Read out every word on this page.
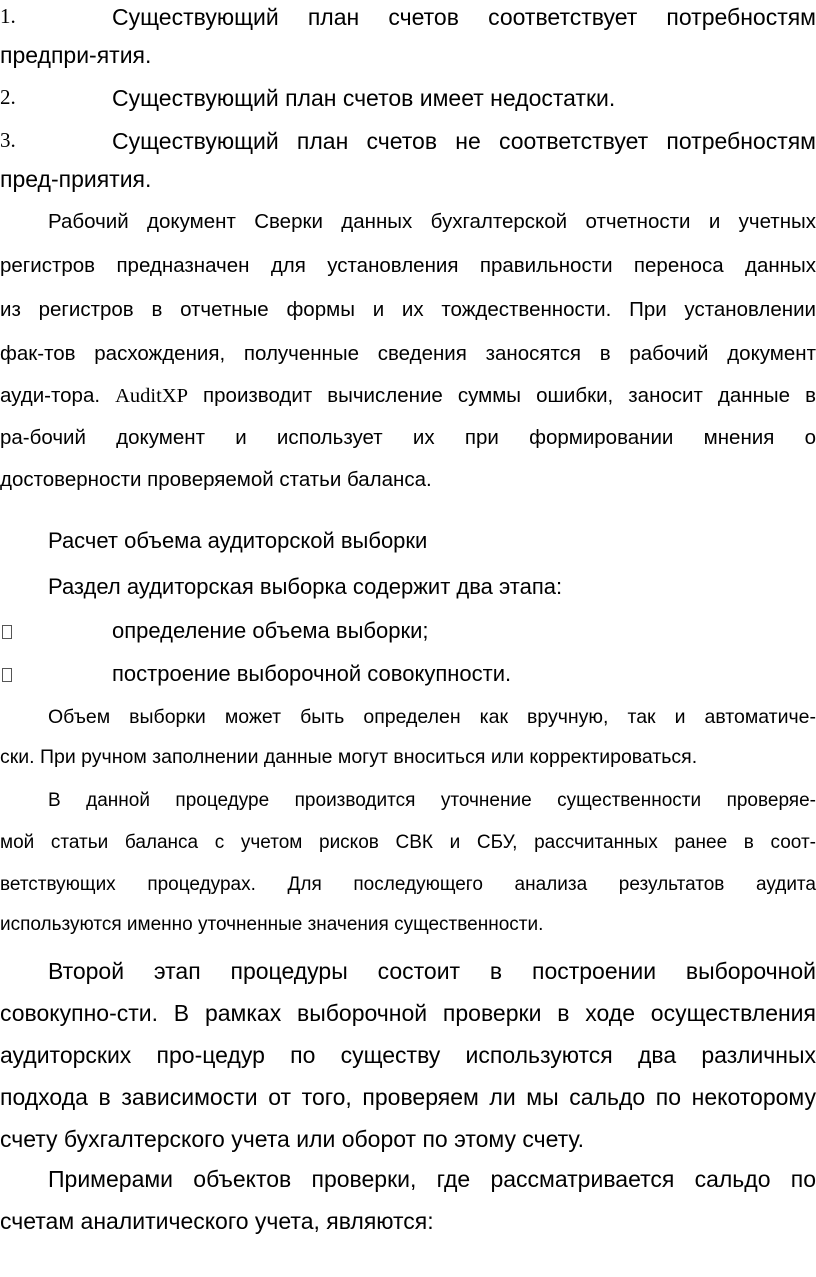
1.	Существующий план счетов соответствует потребностям
предпри-ятия.
2.	Существующий план счетов имеет недостатки.
3.	Существующий план счетов не соответствует потребностям
пред-приятия.
Рабочий документ Сверки данных бухгалтерской отчетности и учетных
регистров предназначен для установления правильности переноса данных
из регистров в отчетные формы и их тождественности. При установлении
фак-тов расхождения, полученные сведения заносятся в рабочий документ
ауди-тора. AuditXP производит вычисление суммы ошибки, заносит данные в
ра-бочий документ и использует их при формировании мнения о
достоверности проверяемой статьи баланса.
Расчет объема аудиторской выборки
Раздел аудиторская выборка содержит два этапа:
определение объема выборки;
построение выборочной совокупности.
Объем выборки может быть определен как вручную, так и автоматиче-
ски. При ручном заполнении данные могут вноситься или корректироваться.
В данной процедуре производится уточнение существенности проверяе-
мой статьи баланса с учетом рисков СВК и СБУ, рассчитанных ранее в соот-
ветствующих процедурах. Для последующего анализа результатов аудита
используются именно уточненные значения существенности.
Второй этап процедуры состоит в построении выборочной
совокупно-сти. В рамках выборочной проверки в ходе осуществления
аудиторских про-цедур по существу используются два различных
подхода в зависимости от того, проверяем ли мы сальдо по некоторому
счету бухгалтерского учета или оборот по этому счету.
Примерами объектов проверки, где рассматривается сальдо по
счетам аналитического учета, являются:
